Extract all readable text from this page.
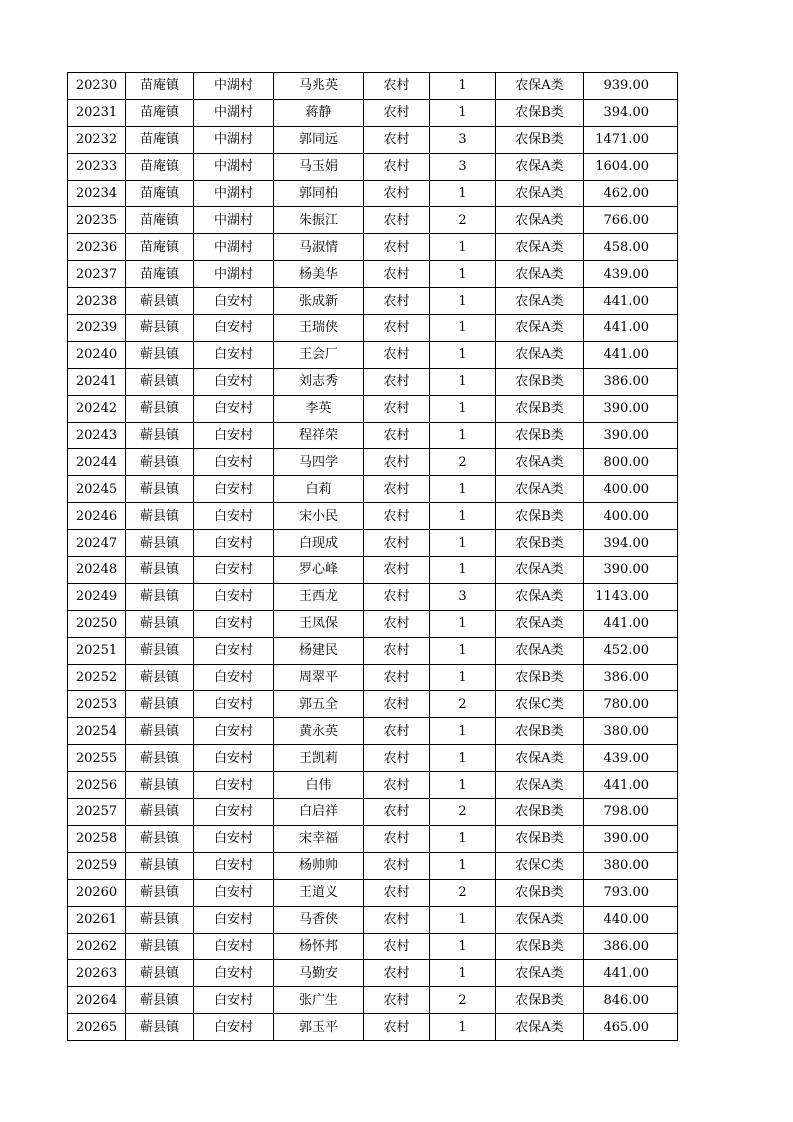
20230	苗庵镇	中湖村	马兆英	农村	1	农保A类	939.00
20231	苗庵镇	中湖村	蒋静	农村	1	农保B类	394.00
20232	苗庵镇	中湖村	郭同远	农村	3	农保B类	1471.00
20233	苗庵镇	中湖村	马玉娟	农村	3	农保A类	1604.00
20234	苗庵镇	中湖村	郭同柏	农村	1	农保A类	462.00
20235	苗庵镇	中湖村	朱振江	农村	2	农保A类	766.00
20236	苗庵镇	中湖村	马淑情	农村	1	农保A类	458.00
20237	苗庵镇	中湖村	杨美华	农村	1	农保A类	439.00
20238	蕲县镇	白安村	张成新	农村	1	农保A类	441.00
20239	蕲县镇	白安村	王瑞侠	农村	1	农保A类	441.00
20240	蕲县镇	白安村	王会厂	农村	1	农保A类	441.00
20241	蕲县镇	白安村	刘志秀	农村	1	农保B类	386.00
20242	蕲县镇	白安村	李英	农村	1	农保B类	390.00
20243	蕲县镇	白安村	程祥荣	农村	1	农保B类	390.00
20244	蕲县镇	白安村	马四学	农村	2	农保A类	800.00
20245	蕲县镇	白安村	白莉	农村	1	农保A类	400.00
20246	蕲县镇	白安村	宋小民	农村	1	农保B类	400.00
20247	蕲县镇	白安村	白现成	农村	1	农保B类	394.00
20248	蕲县镇	白安村	罗心峰	农村	1	农保A类	390.00
20249	蕲县镇	白安村	王西龙	农村	3	农保A类	1143.00
20250	蕲县镇	白安村	王凤保	农村	1	农保A类	441.00
20251	蕲县镇	白安村	杨建民	农村	1	农保A类	452.00
20252	蕲县镇	白安村	周翠平	农村	1	农保B类	386.00
20253	蕲县镇	白安村	郭五全	农村	2	农保C类	780.00
20254	蕲县镇	白安村	黄永英	农村	1	农保B类	380.00
20255	蕲县镇	白安村	王凯莉	农村	1	农保A类	439.00
20256	蕲县镇	白安村	白伟	农村	1	农保A类	441.00
20257	蕲县镇	白安村	白启祥	农村	2	农保B类	798.00
20258	蕲县镇	白安村	宋幸福	农村	1	农保B类	390.00
20259	蕲县镇	白安村	杨帅帅	农村	1	农保C类	380.00
20260	蕲县镇	白安村	王道义	农村	2	农保B类	793.00
20261	蕲县镇	白安村	马香侠	农村	1	农保A类	440.00
20262	蕲县镇	白安村	杨怀邦	农村	1	农保B类	386.00
20263	蕲县镇	白安村	马勤安	农村	1	农保A类	441.00
20264	蕲县镇	白安村	张广生	农村	2	农保B类	846.00
20265	蕲县镇	白安村	郭玉平	农村	1	农保A类	465.00
